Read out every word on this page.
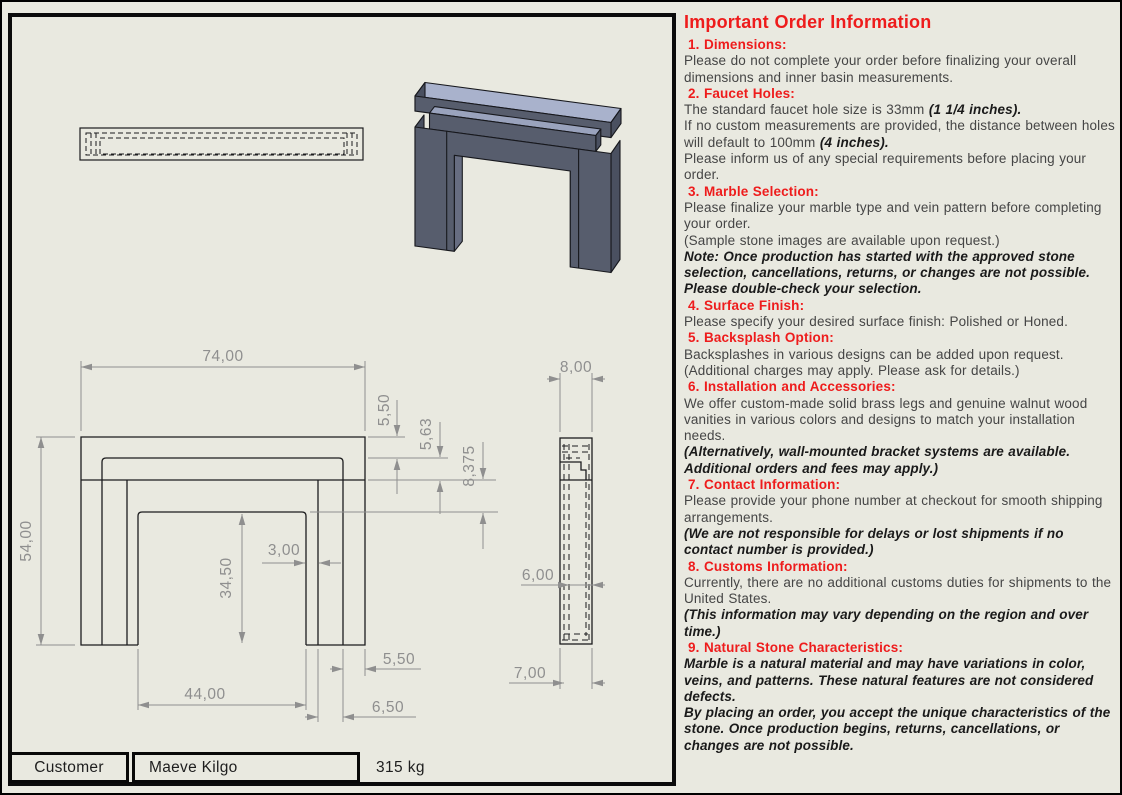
74,00
54,00
5,50
5,63
8,375
34,50
3,00
44,00
5,50
6,50
8,00
6,00
7,00
Customer	Maeve Kilgo	315 kg
Important Order Information
1. Dimensions:
Please do not complete your order before finalizing your overall dimensions and inner basin measurements.
2. Faucet Holes:
The standard faucet hole size is 33mm (1 1/4 inches).
If no custom measurements are provided, the distance between holes will default to 100mm (4 inches).
Please inform us of any special requirements before placing your order.
3. Marble Selection:
Please finalize your marble type and vein pattern before completing your order.
(Sample stone images are available upon request.)
Note: Once production has started with the approved stone selection, cancellations, returns, or changes are not possible. Please double-check your selection.
4. Surface Finish:
Please specify your desired surface finish: Polished or Honed.
5. Backsplash Option:
Backsplashes in various designs can be added upon request.
(Additional charges may apply. Please ask for details.)
6. Installation and Accessories:
We offer custom-made solid brass legs and genuine walnut wood vanities in various colors and designs to match your installation needs.
(Alternatively, wall-mounted bracket systems are available. Additional orders and fees may apply.)
7. Contact Information:
Please provide your phone number at checkout for smooth shipping arrangements.
(We are not responsible for delays or lost shipments if no contact number is provided.)
8. Customs Information:
Currently, there are no additional customs duties for shipments to the United States.
(This information may vary depending on the region and over time.)
9. Natural Stone Characteristics:
Marble is a natural material and may have variations in color, veins, and patterns. These natural features are not considered defects.
By placing an order, you accept the unique characteristics of the stone. Once production begins, returns, cancellations, or changes are not possible.
